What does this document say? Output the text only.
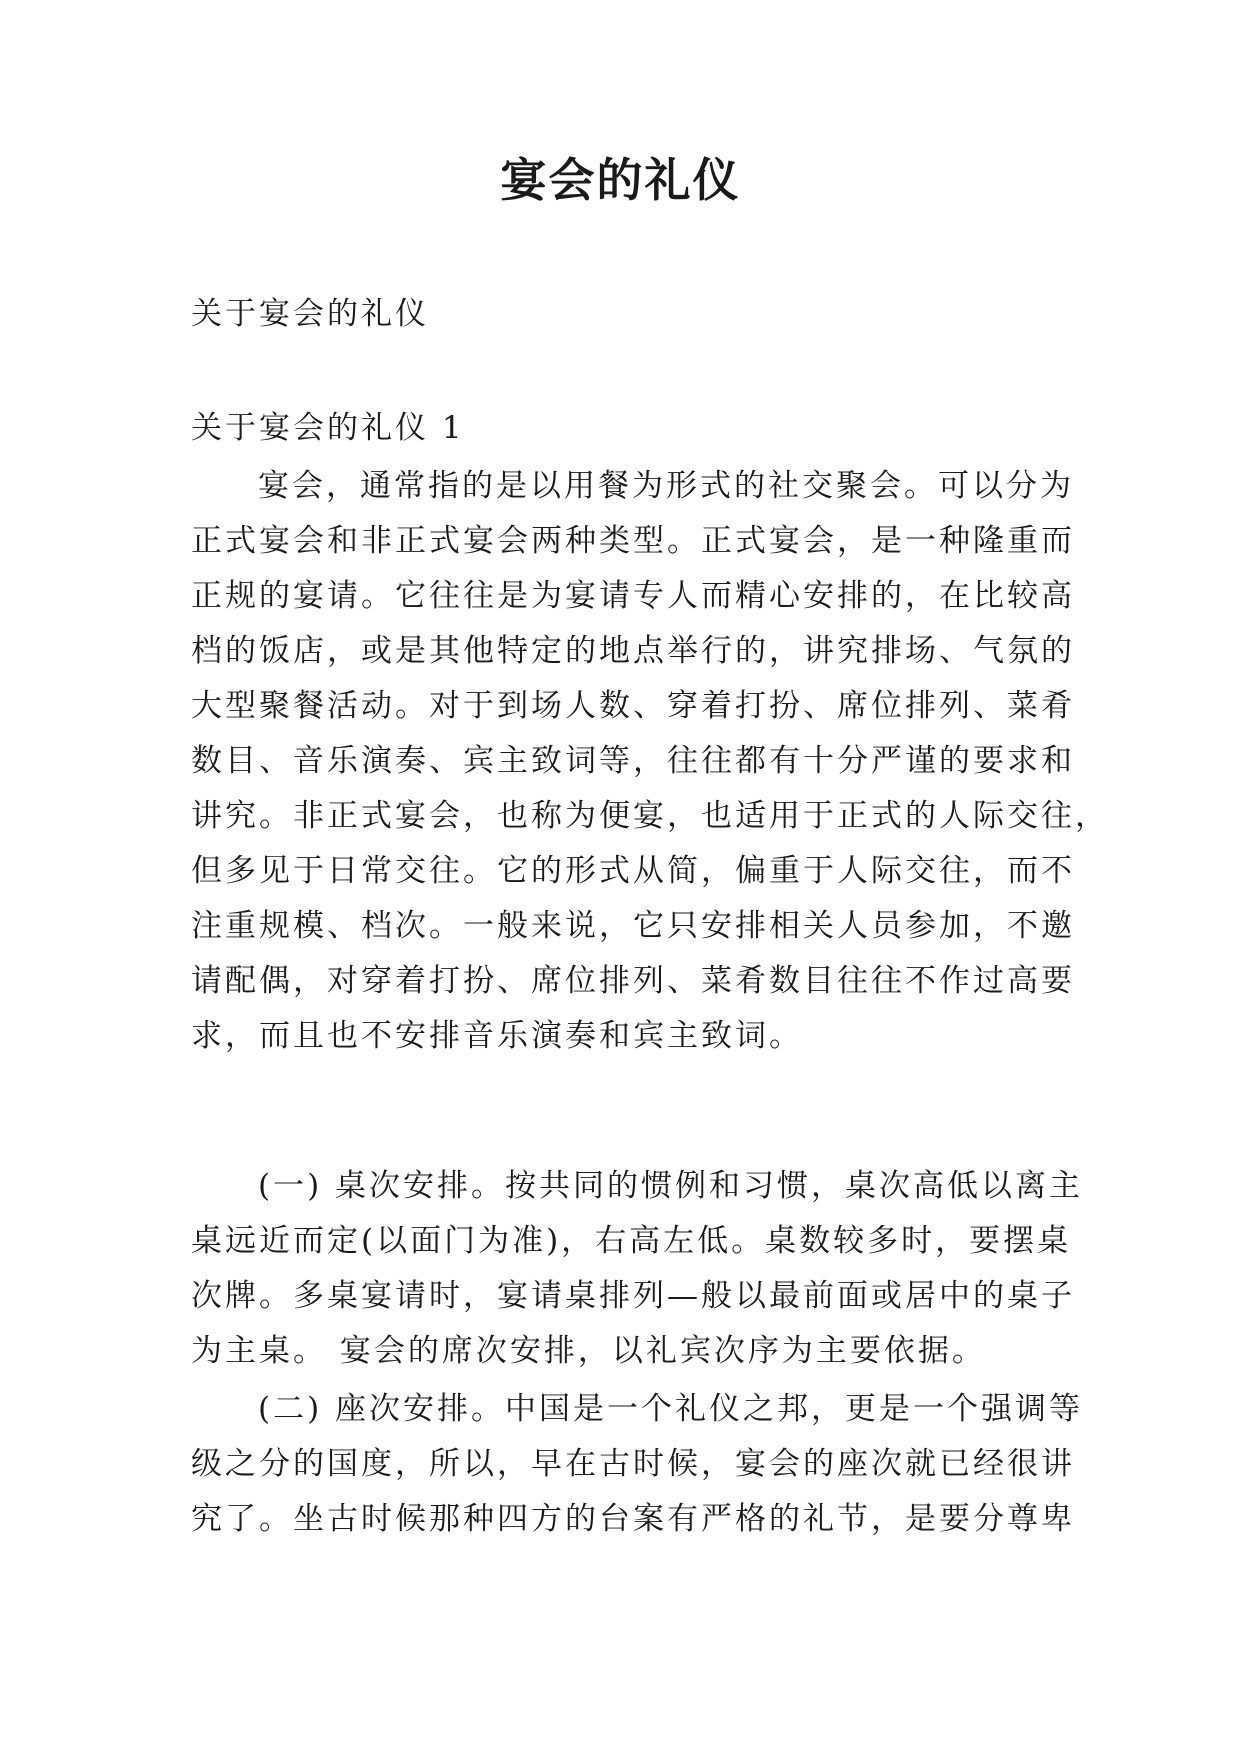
宴会的礼仪

关于宴会的礼仪

关于宴会的礼仪 1

宴会，通常指的是以用餐为形式的社交聚会。可以分为

正式宴会和非正式宴会两种类型。正式宴会，是一种隆重而

正规的宴请。它往往是为宴请专人而精心安排的，在比较高

档的饭店，或是其他特定的地点举行的，讲究排场、气氛的

大型聚餐活动。对于到场人数、穿着打扮、席位排列、菜肴

数目、音乐演奏、宾主致词等，往往都有十分严谨的要求和

讲究。非正式宴会，也称为便宴，也适用于正式的人际交往，

但多见于日常交往。它的形式从简，偏重于人际交往，而不

注重规模、档次。一般来说，它只安排相关人员参加，不邀

请配偶，对穿着打扮、席位排列、菜肴数目往往不作过高要

求，而且也不安排音乐演奏和宾主致词。

(一) 桌次安排。按共同的惯例和习惯，桌次高低以离主

桌远近而定(以面门为准)，右高左低。桌数较多时，要摆桌

次牌。多桌宴请时，宴请桌排列—般以最前面或居中的桌子

为主桌。 宴会的席次安排，以礼宾次序为主要依据。

(二) 座次安排。中国是一个礼仪之邦，更是一个强调等

级之分的国度，所以，早在古时候，宴会的座次就已经很讲

究了。坐古时候那种四方的台案有严格的礼节，是要分尊卑
